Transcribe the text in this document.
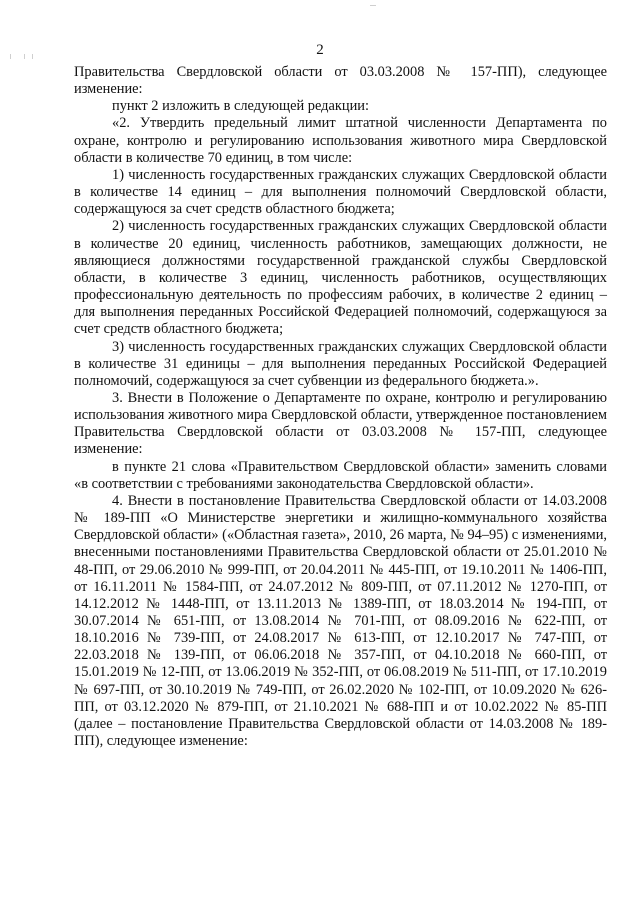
2

Правительства Свердловской области от 03.03.2008 № 157-ПП), следующее изменение:

пункт 2 изложить в следующей редакции:

«2. Утвердить предельный лимит штатной численности Департамента по охране, контролю и регулированию использования животного мира Свердловской области в количестве 70 единиц, в том числе:

1) численность государственных гражданских служащих Свердловской области в количестве 14 единиц – для выполнения полномочий Свердловской области, содержащуюся за счет средств областного бюджета;

2) численность государственных гражданских служащих Свердловской области в количестве 20 единиц, численность работников, замещающих должности, не являющиеся должностями государственной гражданской службы Свердловской области, в количестве 3 единиц, численность работников, осуществляющих профессиональную деятельность по профессиям рабочих, в количестве 2 единиц – для выполнения переданных Российской Федерацией полномочий, содержащуюся за счет средств областного бюджета;

3) численность государственных гражданских служащих Свердловской области в количестве 31 единицы – для выполнения переданных Российской Федерацией полномочий, содержащуюся за счет субвенции из федерального бюджета.».

3. Внести в Положение о Департаменте по охране, контролю и регулированию использования животного мира Свердловской области, утвержденное постановлением Правительства Свердловской области от 03.03.2008 № 157-ПП, следующее изменение:

в пункте 21 слова «Правительством Свердловской области» заменить словами «в соответствии с требованиями законодательства Свердловской области».

4. Внести в постановление Правительства Свердловской области от 14.03.2008 № 189-ПП «О Министерстве энергетики и жилищно-коммунального хозяйства Свердловской области» («Областная газета», 2010, 26 марта, № 94–95) с изменениями, внесенными постановлениями Правительства Свердловской области от 25.01.2010 № 48-ПП, от 29.06.2010 № 999-ПП, от 20.04.2011 № 445-ПП, от 19.10.2011 № 1406-ПП, от 16.11.2011 № 1584-ПП, от 24.07.2012 № 809-ПП, от 07.11.2012 № 1270-ПП, от 14.12.2012 № 1448-ПП, от 13.11.2013 № 1389-ПП, от 18.03.2014 № 194-ПП, от 30.07.2014 № 651-ПП, от 13.08.2014 № 701-ПП, от 08.09.2016 № 622-ПП, от 18.10.2016 № 739-ПП, от 24.08.2017 № 613-ПП, от 12.10.2017 № 747-ПП, от 22.03.2018 № 139-ПП, от 06.06.2018 № 357-ПП, от 04.10.2018 № 660-ПП, от 15.01.2019 № 12-ПП, от 13.06.2019 № 352-ПП, от 06.08.2019 № 511-ПП, от 17.10.2019 № 697-ПП, от 30.10.2019 № 749-ПП, от 26.02.2020 № 102-ПП, от 10.09.2020 № 626-ПП, от 03.12.2020 № 879-ПП, от 21.10.2021 № 688-ПП и от 10.02.2022 № 85-ПП (далее – постановление Правительства Свердловской области от 14.03.2008 № 189-ПП), следующее изменение:
